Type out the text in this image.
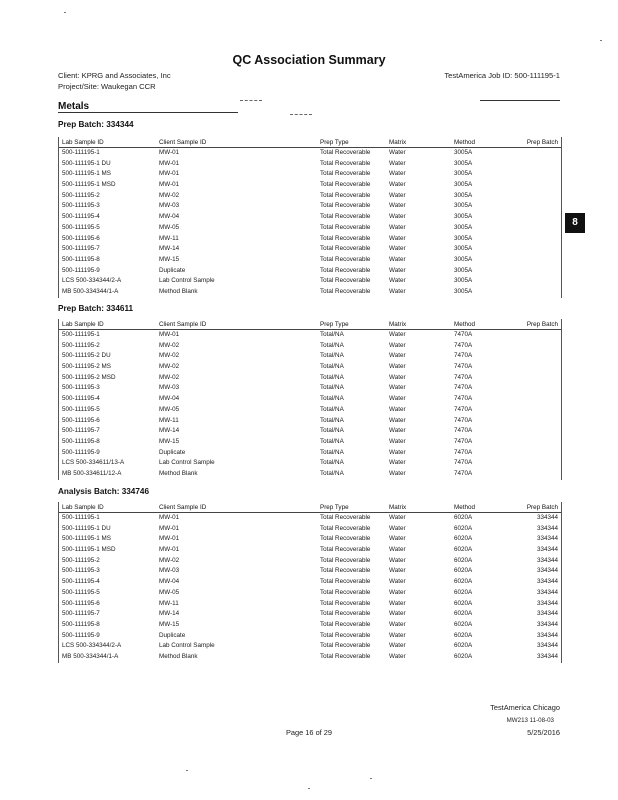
QC Association Summary
Client: KPRG and Associates, Inc
Project/Site: Waukegan CCR
TestAmerica Job ID: 500-111195-1
Metals
Prep Batch: 334344
Lab Sample ID	Client Sample ID	Prep Type	Matrix	Method	Prep Batch
500-111195-1	MW-01	Total Recoverable	Water	3005A
500-111195-1 DU	MW-01	Total Recoverable	Water	3005A
500-111195-1 MS	MW-01	Total Recoverable	Water	3005A
500-111195-1 MSD	MW-01	Total Recoverable	Water	3005A
500-111195-2	MW-02	Total Recoverable	Water	3005A
500-111195-3	MW-03	Total Recoverable	Water	3005A
500-111195-4	MW-04	Total Recoverable	Water	3005A
500-111195-5	MW-05	Total Recoverable	Water	3005A
500-111195-6	MW-11	Total Recoverable	Water	3005A
500-111195-7	MW-14	Total Recoverable	Water	3005A
500-111195-8	MW-15	Total Recoverable	Water	3005A
500-111195-9	Duplicate	Total Recoverable	Water	3005A
LCS 500-334344/2-A	Lab Control Sample	Total Recoverable	Water	3005A
MB 500-334344/1-A	Method Blank	Total Recoverable	Water	3005A
Prep Batch: 334611
Lab Sample ID	Client Sample ID	Prep Type	Matrix	Method	Prep Batch
500-111195-1	MW-01	Total/NA	Water	7470A
500-111195-2	MW-02	Total/NA	Water	7470A
500-111195-2 DU	MW-02	Total/NA	Water	7470A
500-111195-2 MS	MW-02	Total/NA	Water	7470A
500-111195-2 MSD	MW-02	Total/NA	Water	7470A
500-111195-3	MW-03	Total/NA	Water	7470A
500-111195-4	MW-04	Total/NA	Water	7470A
500-111195-5	MW-05	Total/NA	Water	7470A
500-111195-6	MW-11	Total/NA	Water	7470A
500-111195-7	MW-14	Total/NA	Water	7470A
500-111195-8	MW-15	Total/NA	Water	7470A
500-111195-9	Duplicate	Total/NA	Water	7470A
LCS 500-334611/13-A	Lab Control Sample	Total/NA	Water	7470A
MB 500-334611/12-A	Method Blank	Total/NA	Water	7470A
Analysis Batch: 334746
Lab Sample ID	Client Sample ID	Prep Type	Matrix	Method	Prep Batch
500-111195-1	MW-01	Total Recoverable	Water	6020A	334344
500-111195-1 DU	MW-01	Total Recoverable	Water	6020A	334344
500-111195-1 MS	MW-01	Total Recoverable	Water	6020A	334344
500-111195-1 MSD	MW-01	Total Recoverable	Water	6020A	334344
500-111195-2	MW-02	Total Recoverable	Water	6020A	334344
500-111195-3	MW-03	Total Recoverable	Water	6020A	334344
500-111195-4	MW-04	Total Recoverable	Water	6020A	334344
500-111195-5	MW-05	Total Recoverable	Water	6020A	334344
500-111195-6	MW-11	Total Recoverable	Water	6020A	334344
500-111195-7	MW-14	Total Recoverable	Water	6020A	334344
500-111195-8	MW-15	Total Recoverable	Water	6020A	334344
500-111195-9	Duplicate	Total Recoverable	Water	6020A	334344
LCS 500-334344/2-A	Lab Control Sample	Total Recoverable	Water	6020A	334344
MB 500-334344/1-A	Method Blank	Total Recoverable	Water	6020A	334344
TestAmerica Chicago
MW213 11-08-03
Page 16 of 29	5/25/2016
8
